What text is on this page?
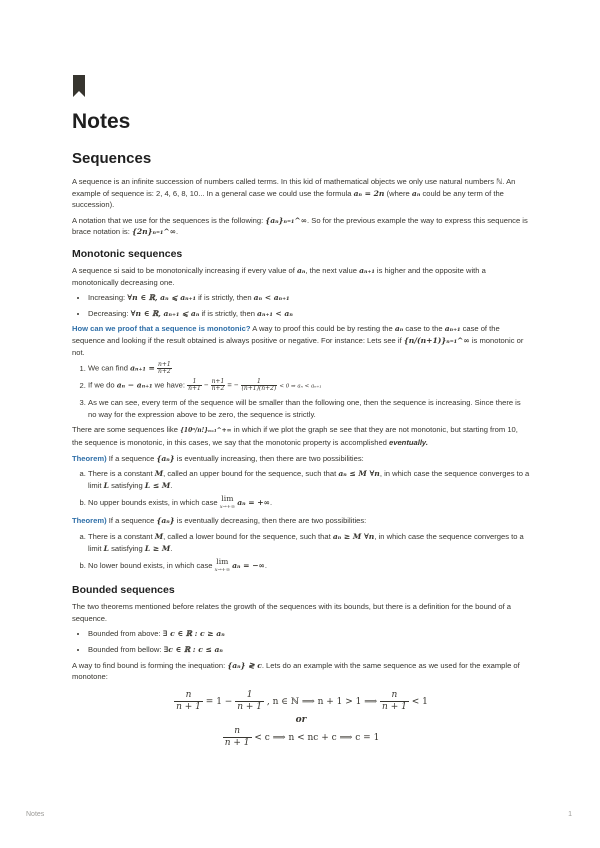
Notes
Sequences

A sequence is an infinite succession of numbers called terms. In this kid of mathematical objects we only use natural numbers ℕ. An example of sequence is: 2, 4, 6, 8, 10... In a general case we could use the formula aₙ = 2n (where aₙ could be any term of the succession).

A notation that we use for the sequences is the following: {aₙ}ₙ₌₁^∞. So for the previous example the way to express this sequence is brace notation is: {2n}ₙ₌₁^∞.

Monotonic sequences

A sequence si said to be monotonically increasing if every value of aₙ, the next value aₙ₊₁ is higher and the opposite with a monotonically decreasing one.

• Increasing: ∀n ∈ ℝ, aₙ ⩽ aₙ₊₁ if is strictly, then aₙ < aₙ₊₁
• Decreasing: ∀n ∈ ℝ, aₙ₊₁ ⩽ aₙ if is strictly, then aₙ₊₁ < aₙ

How can we proof that a sequence is monotonic? A way to proof this could be by resting the aₙ case to the aₙ₊₁ case of the sequence and looking if the result obtained is always positive or negative. For instance: Lets see if {n/(n+1)}ₙ₌₁^∞ is monotonic or not.

1. We can find $a_{n+1} = \frac{n+1}{n+2}$
2. If we do aₙ − aₙ₊₁ we have: $\frac{1}{n+1} - \frac{n+1}{n+2}$ = − $\frac{1}{(n+1)(n+2)} < 0$ ⇒ aₙ < aₙ₊₁
3. As we can see, every term of the sequence will be smaller than the following one, then the sequence is increasing. Since there is no way for the expression above to be zero, the sequence is strictly.

There are some sequences like {10ⁿ/n!}ₙ₌₁^+∞ in which if we plot the graph se see that they are not monotonic, but starting from 10, the sequence is monotonic, in this cases, we say that the monotonic property is accomplished eventually.

Theorem) If a sequence {aₙ} is eventually increasing, then there are two possibilities:

a. There is a constant M, called an upper bound for the sequence, such that aₙ ≤ M ∀n, in which case the sequence converges to a limit L satisfying L ≤ M.
b. No upper bounds exists, in which case lim
x→+∞ aₙ = +∞.

Theorem) If a sequence {aₙ} is eventually decreasing, then there are two possibilities:

a. There is a constant M, called a lower bound for the sequence, such that aₙ ≥ M ∀n, in which case the sequence converges to a limit L satisfying L ≥ M.
b. No lower bound exists, in which case lim
x→+∞ aₙ = −∞.
Bounded sequences

The two theorems mentioned before relates the growth of the sequences with its bounds, but there is a definition for the bound of a sequence.

• Bounded from above: ∃ c ∈ ℝ : c ≥ aₙ
• Bounded from bellow: ∃c ∈ ℝ : c ≤ aₙ

A way to find bound is forming the inequation: {aₙ} ≷ c. Lets do an example with the same sequence as we used for the example of monotone:

$\frac{n}{n + 1} = 1 - \frac{1}{n + 1}$ , n ∈ ℕ ⟹ n + 1 > 1 ⟹ $\frac{n}{n + 1} < 1$
or
$\frac{n}{n + 1} < c$ ⟹ n < nc + c ⟹ c = 1
Notes	1
